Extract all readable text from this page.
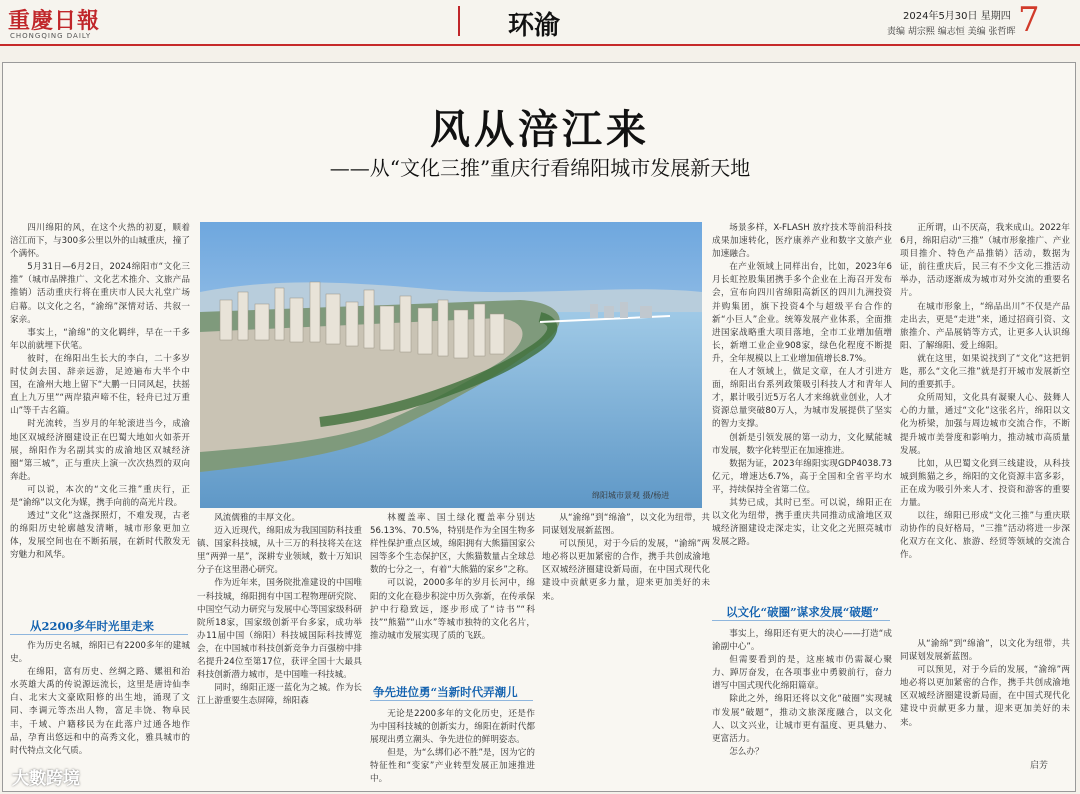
重慶日報
CHONGQING DAILY	环渝	2024年5月30日 星期四
责编 胡宗熙 编志恒 美编 张哲晖 7
风从涪江来
——从“文化三推”重庆行看绵阳城市发展新天地
绵阳城市景观 摄/杨进

四川绵阳的风，在这个火热的初夏，顺着涪江而下，与300多公里以外的山城重庆，撞了个满怀。

5月31日—6月2日，2024绵阳市“文化三推”（城市品牌推广、文化艺术推介、文旅产品推销）活动重庆行将在重庆市人民大礼堂广场启幕。以文化之名，“渝绵”深情对话、共叙一家亲。

事实上，“渝绵”的文化羁绊，早在一千多年以前就埋下伏笔。

彼时，在绵阳出生长大的李白，二十多岁时仗剑去国、辞亲远游，足迹遍布大半个中国，在渝州大地上留下“大鹏一日同风起，扶摇直上九万里”“两岸猿声啼不住，轻舟已过万重山”等千古名篇。

时光流转，当岁月的年轮滚进当今，成渝地区双城经济圈建设正在巴蜀大地如火如荼开展，绵阳作为名副其实的成渝地区双城经济圈“第三城”，正与重庆上演一次次热烈的双向奔赴。

可以说，本次的“文化三推”重庆行，正是“渝绵”以文化为媒，携手向前的高光片段。

透过“文化”这盏探照灯，不难发现，古老的绵阳历史轮廓越发清晰，城市形象更加立体，发展空间也在不断拓展，在新时代散发无穷魅力和风华。

从2200多年时光里走来

作为历史名城，绵阳已有2200多年的建城史。

在绵阳，富有历史、丝绸之路、嫘祖和治水英雄大禹的传说源远流长，这里是唐诗仙李白、北宋大文豪欧阳修的出生地，涌现了文同、李调元等杰出人物，富足丰饶、物阜民丰，千域、户籍移民为在此落户过通各地作品，孕育出悠远和中的高秀文化，雅具城市的时代特点文化气质。

风流儒雅的丰厚文化。

迈入近现代，绵阳成为我国国防科技重镇、国家科技城，从十三万的科技将关在这里“两弹一星”，深耕专业领域，数十万知识分子在这里潜心研究。

作为近年来，国务院批准建设的中国唯一科技城，绵阳拥有中国工程物理研究院、中国空气动力研究与发展中心等国家级科研院所18家，国家级创新平台多家，成功举办11届中国（绵阳）科技城国际科技博览会，在中国城市科技创新竞争力百强榜中排名提升24位至第17位，获评全国十大最具科技创新潜力城市，是中国唯一科技城。

同时，绵阳正逐一蓝化为之城。作为长江上游重要生态屏障，绵阳森

林覆盖率、国土绿化覆盖率分别达56.13%、70.5%，特别是作为全国生物多样性保护重点区域，绵阳拥有大熊猫国家公园等多个生态保护区，大熊猫数量占全球总数的七分之一，有着“大熊猫的家乡”之称。

可以说，2000多年的岁月长河中，绵阳的文化在稳步积淀中历久弥新，在传承保护中行稳致远，逐步形成了“诗书”“科技”“熊猫”“山水”等城市独特的文化名片，推动城市发展实现了质的飞跃。

争先进位勇“当新时代弄潮儿

无论是2200多年的文化历史，还是作为中国科技城的创新实力，绵阳在新时代都展现出勇立潮头、争先进位的鲜明姿态。

但是，为“么绑们必不胜”是，因为它的特征性和“变家”产业转型发展正加速推进中。

从“渝绵”到“绵渝”，以文化为纽带，共同谋划发展新蓝图。

可以预见，对于今后的发展，“渝绵”两地必将以更加紧密的合作，携手共创成渝地区双城经济圈建设新局面，在中国式现代化建设中贡献更多力量，迎来更加美好的未来。

场景多样，X-FLASH 放疗技术等前沿科技成果加速转化，医疗康养产业和数字文旅产业加速融合。

在产业领域上同样出台，比如，2023年6月长虹控股集团携手多个企业在上海召开发布会，宣布向四川省绵阳高新区的四川九洲投资并购集团，旗下投资4个与超级平台合作的新“小巨人”企业。统筹发展产业体系，全面推进国家战略重大项目落地，全市工业增加值增长，新增工业企业908家，绿色化程度不断提升，全年规模以上工业增加值增长8.7%。

在人才领域上，做足文章，在人才引进方面，绵阳出台系列政策吸引科技人才和青年人才，累计吸引近5万名人才来绵就业创业，人才资源总量突破80万人，为城市发展提供了坚实的智力支撑。

创新是引领发展的第一动力，文化赋能城市发展，数字化转型正在加速推进。

数据为证，2023年绵阳实现GDP4038.73亿元，增速达6.7%，高于全国和全省平均水平，持续保持全省第二位。

其势已成，其时已至。可以说，绵阳正在以文化为纽带，携手重庆共同推动成渝地区双城经济圈建设走深走实，让文化之光照亮城市发展之路。

以文化“破圈”谋求发展“破题”

事实上，绵阳还有更大的决心——打造“成渝副中心”。

但需要看到的是，这座城市仍需凝心聚力、踔厉奋发，在各项事业中勇毅前行，奋力谱写中国式现代化绵阳篇章。

除此之外，绵阳还将以文化“破圈”实现城市发展“破题”，推动文旅深度融合，以文化人、以文兴业，让城市更有温度、更具魅力、更富活力。

怎么办？

正所谓，山不厌高，我来成山。2022年6月，绵阳启动“三推”（城市形象推广、产业项目推介、特色产品推销）活动，数据为证，前往重庆后，民三有不少文化三推活动举办，活动逐渐成为城市对外交流的重要名片。

在城市形象上，“绵品出川”不仅是产品走出去，更是“走进”来，通过招商引资、文旅推介、产品展销等方式，让更多人认识绵阳、了解绵阳、爱上绵阳。

就在这里，如果说找到了“文化”这把钥匙，那么“文化三推”就是打开城市发展新空间的重要抓手。

众所周知，文化具有凝聚人心、鼓舞人心的力量，通过“文化”这张名片，绵阳以文化为桥梁，加强与周边城市交流合作，不断提升城市美誉度和影响力，推动城市高质量发展。

比如，从巴蜀文化到三线建设，从科技城到熊猫之乡，绵阳的文化资源丰富多彩，正在成为吸引外来人才、投资和游客的重要力量。

以往，绵阳已形成“文化三推”与重庆联动协作的良好格局，“三推”活动将进一步深化双方在文化、旅游、经贸等领域的交流合作。

从“渝绵”到“绵渝”，以文化为纽带，共同谋划发展新蓝图。

可以预见，对于今后的发展，“渝绵”两地必将以更加紧密的合作，携手共创成渝地区双城经济圈建设新局面，在中国式现代化建设中贡献更多力量，迎来更加美好的未来。

启芳
大數跨境
